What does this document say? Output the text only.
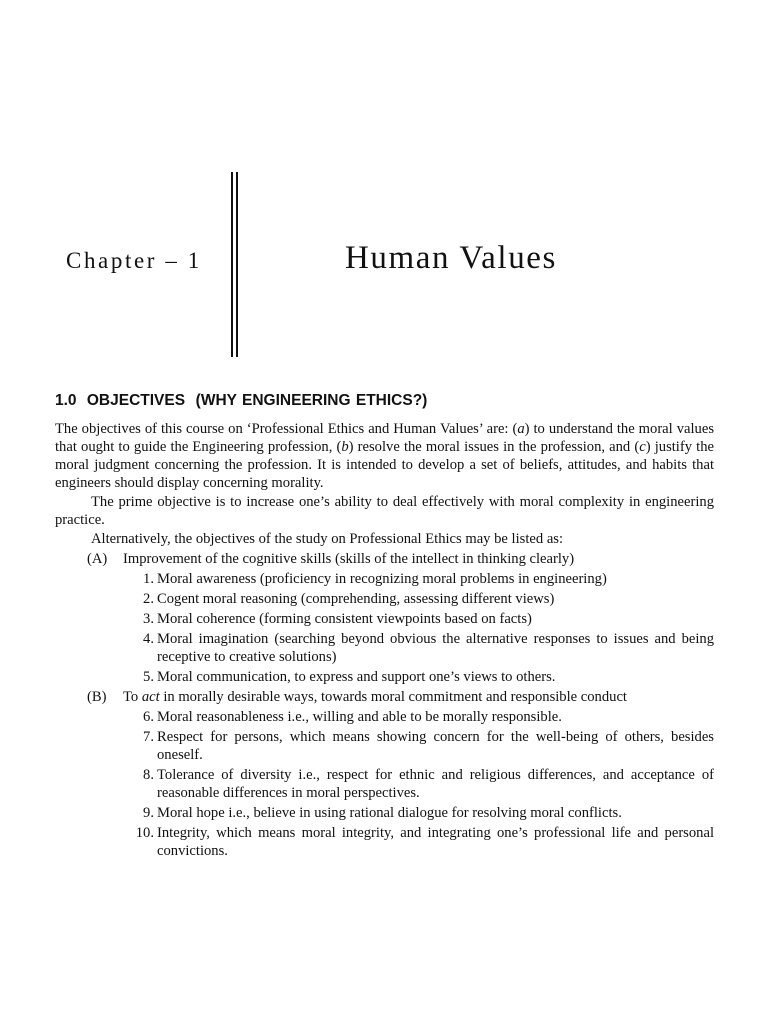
Chapter – 1	Human Values
1.0 OBJECTIVES  (WHY ENGINEERING ETHICS?)

The objectives of this course on ‘Professional Ethics and Human Values’ are: (a) to understand the moral values that ought to guide the Engineering profession, (b) resolve the moral issues in the profession, and (c) justify the moral judgment concerning the profession. It is intended to develop a set of beliefs, attitudes, and habits that engineers should display concerning morality.

The prime objective is to increase one’s ability to deal effectively with moral complexity in engineering practice.

Alternatively, the objectives of the study on Professional Ethics may be listed as:

(A)	Improvement of the cognitive skills (skills of the intellect in thinking clearly)
1. Moral awareness (proficiency in recognizing moral problems in engineering)
2. Cogent moral reasoning (comprehending, assessing different views)
3. Moral coherence (forming consistent viewpoints based on facts)
4. Moral imagination (searching beyond obvious the alternative responses to issues and being receptive to creative solutions)
5. Moral communication, to express and support one’s views to others.
(B)	To act in morally desirable ways, towards moral commitment and responsible conduct
6. Moral reasonableness i.e., willing and able to be morally responsible.
7. Respect for persons, which means showing concern for the well-being of others, besides oneself.
8. Tolerance of diversity i.e., respect for ethnic and religious differences, and acceptance of reasonable differences in moral perspectives.
9. Moral hope i.e., believe in using rational dialogue for resolving moral conflicts.
10. Integrity, which means moral integrity, and integrating one’s professional life and personal convictions.
